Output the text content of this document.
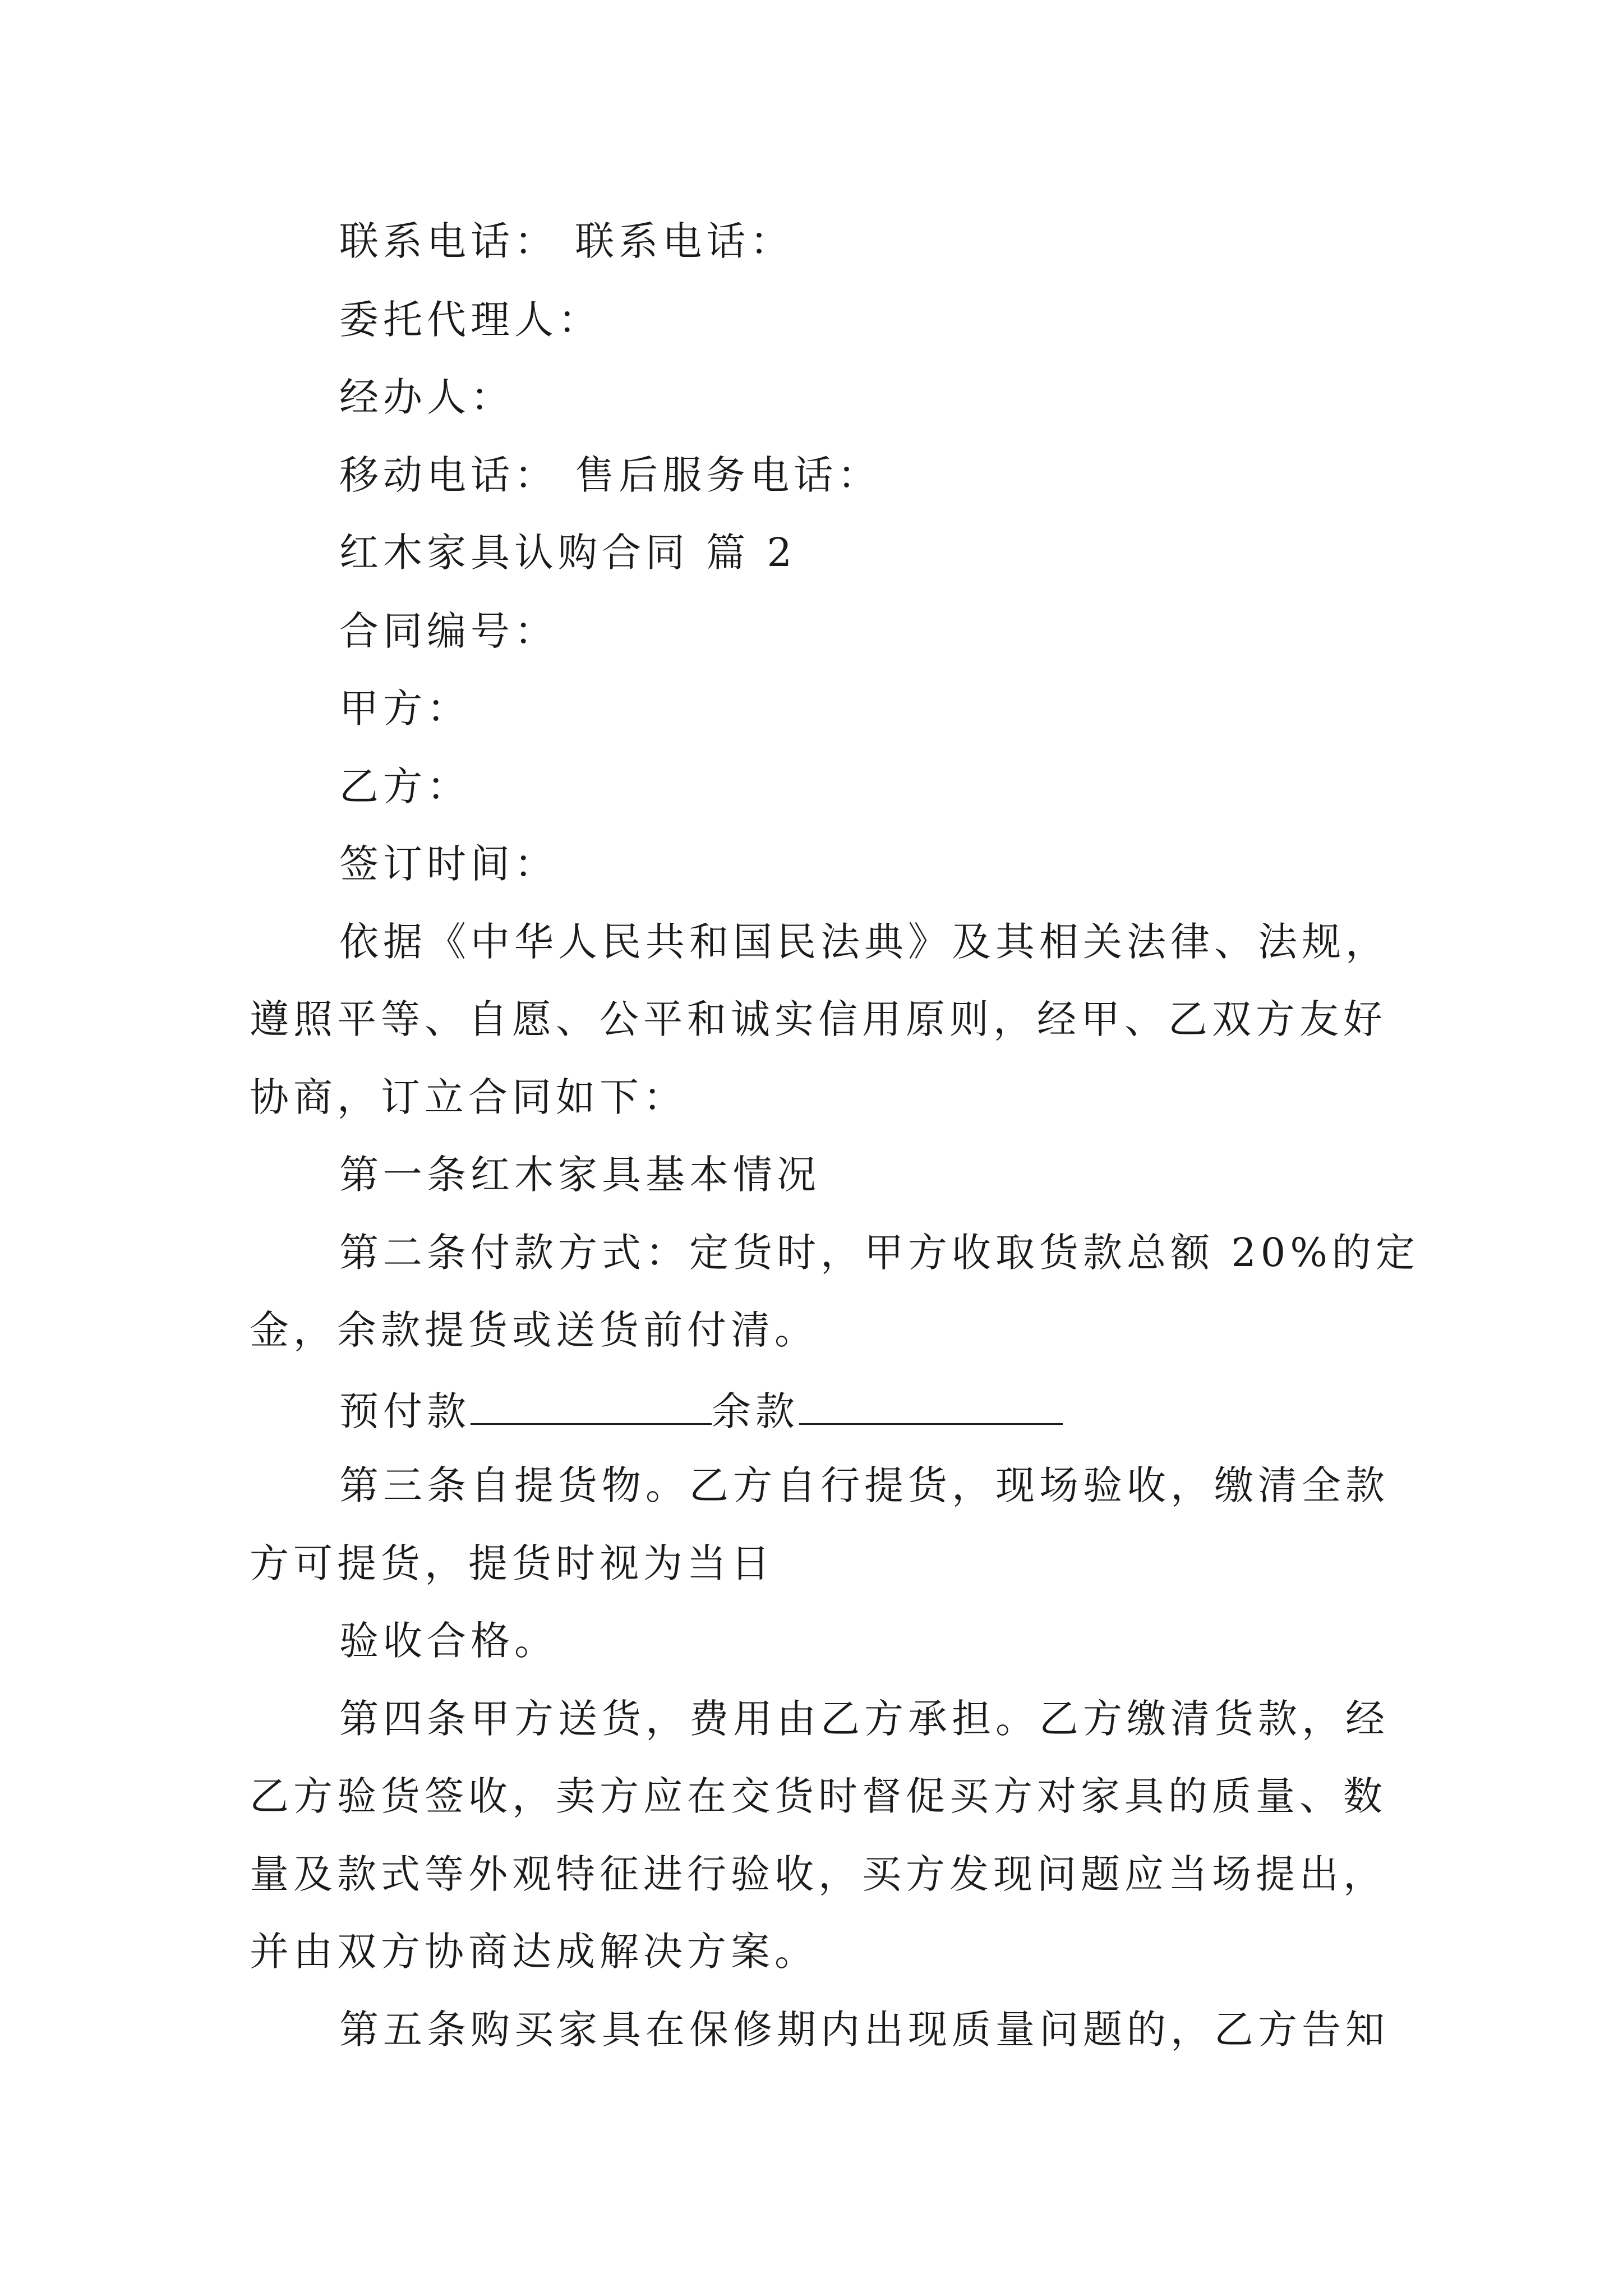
联系电话： 联系电话：
委托代理人：
经办人：
移动电话： 售后服务电话：
红木家具认购合同 篇 2
合同编号：
甲方：
乙方：
签订时间：
依据《中华人民共和国民法典》及其相关法律、法规，
遵照平等、自愿、公平和诚实信用原则，经甲、乙双方友好
协商，订立合同如下：
第一条红木家具基本情况
第二条付款方式：定货时，甲方收取货款总额 20%的定
金，余款提货或送货前付清。
预付款	余款
第三条自提货物。乙方自行提货，现场验收，缴清全款
方可提货，提货时视为当日
验收合格。
第四条甲方送货，费用由乙方承担。乙方缴清货款，经
乙方验货签收，卖方应在交货时督促买方对家具的质量、数
量及款式等外观特征进行验收，买方发现问题应当场提出，
并由双方协商达成解决方案。
第五条购买家具在保修期内出现质量问题的，乙方告知
